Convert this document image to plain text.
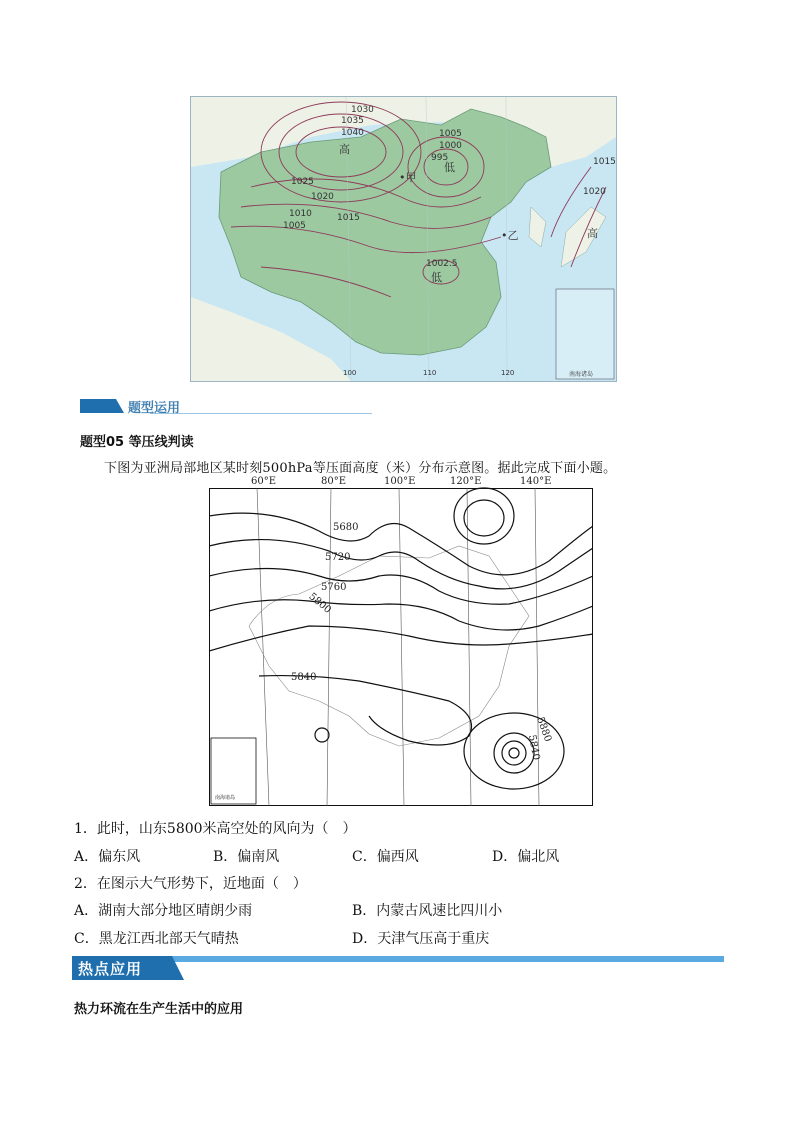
1030
1035
1040
1025
1020
1015
1010
1005
1005
1000
995
1002.5
1015
1020
高
低
低
高
•甲
•乙
100	110	120	南海诸岛
题型运用
题型05 等压线判读
下图为亚洲局部地区某时刻500hPa等压面高度（米）分布示意图。据此完成下面小题。
60°E	80°E	100°E	120°E	140°E
5680
5720
5760
5800
5840
5880
5840
南海诸岛
1．此时，山东5800米高空处的风向为（　）
A．偏东风	B．偏南风	C．偏西风	D．偏北风
2．在图示大气形势下，近地面（　）
A．湖南大部分地区晴朗少雨	B．内蒙古风速比四川小
C．黑龙江西北部天气晴热	D．天津气压高于重庆
热点应用
热力环流在生产生活中的应用
